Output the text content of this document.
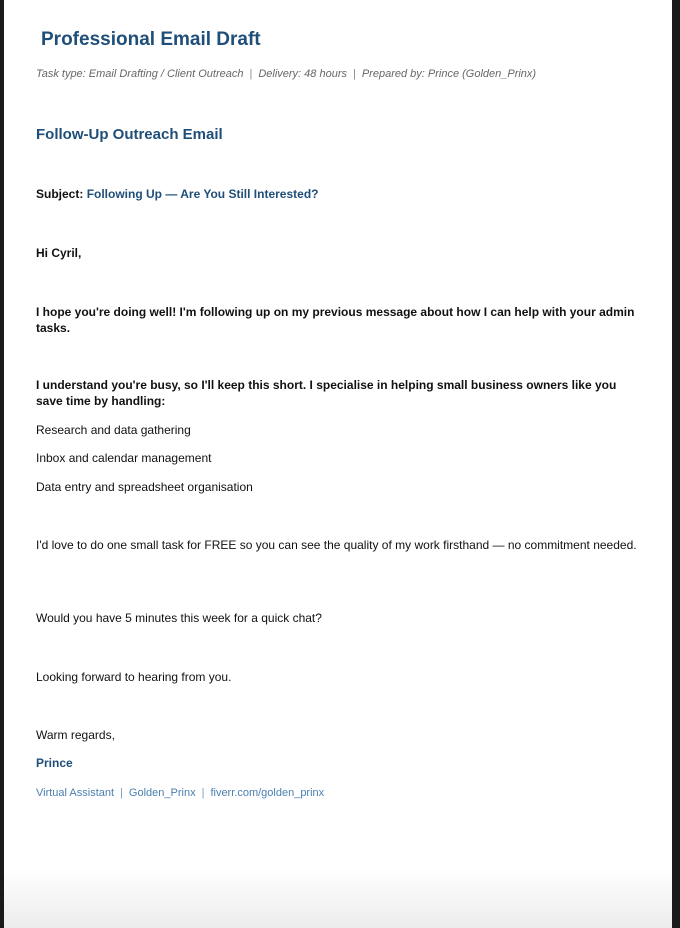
Professional Email Draft
Task type: Email Drafting / Client Outreach | Delivery: 48 hours | Prepared by: Prince (Golden_Prinx)
Follow-Up Outreach Email
Subject: Following Up — Are You Still Interested?

Hi Cyril,

I hope you're doing well! I'm following up on my previous message about how I can help with your admin tasks.

I understand you're busy, so I'll keep this short. I specialise in helping small business owners like you save time by handling:

Research and data gathering

Inbox and calendar management

Data entry and spreadsheet organisation

I'd love to do one small task for FREE so you can see the quality of my work firsthand — no commitment needed.

Would you have 5 minutes this week for a quick chat?

Looking forward to hearing from you.

Warm regards,

Prince

Virtual Assistant | Golden_Prinx | fiverr.com/golden_prinx
